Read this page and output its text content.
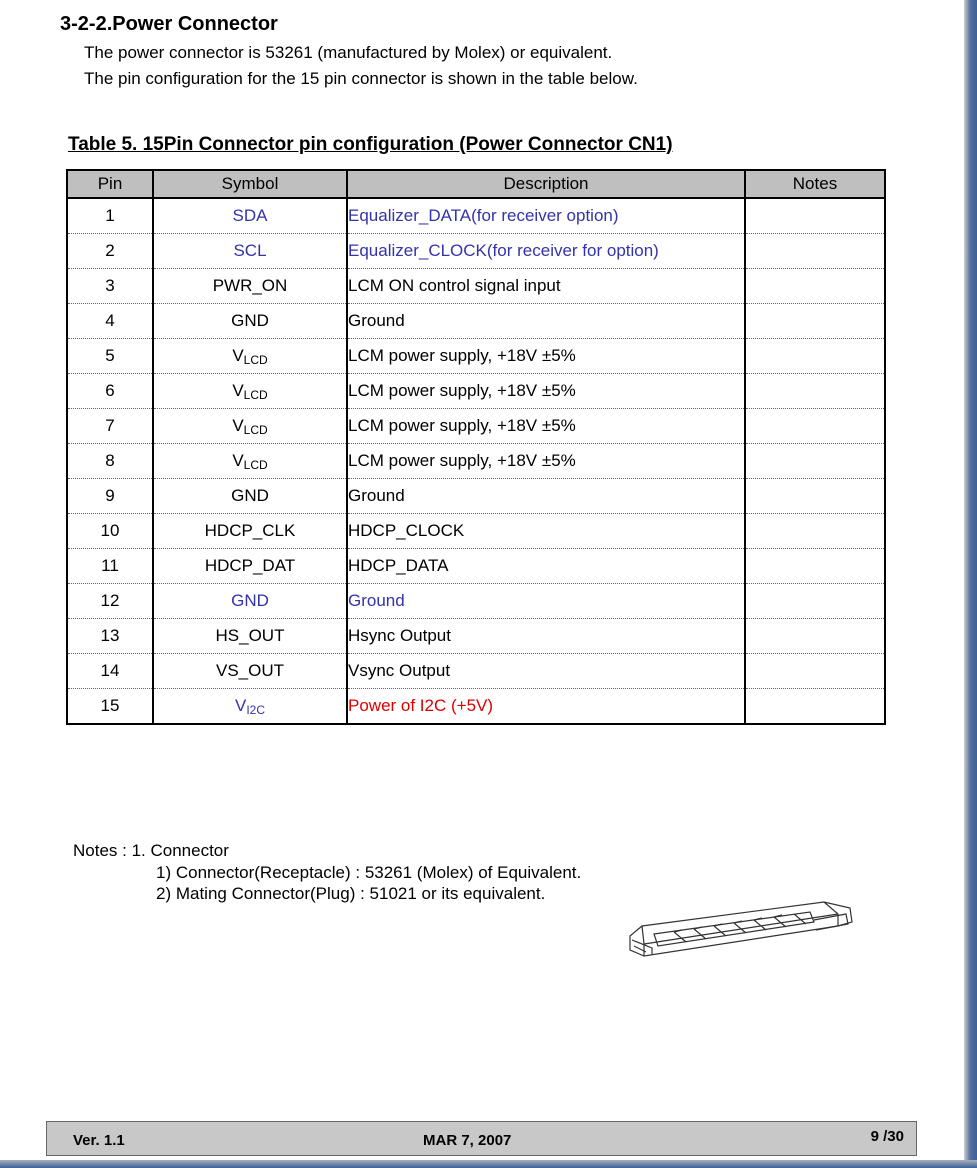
3-2-2.Power Connector

The power connector is 53261 (manufactured by Molex) or equivalent.

The pin configuration for the 15 pin connector is shown in the table below.

Table 5. 15Pin Connector pin configuration (Power Connector CN1)
Pin	Symbol	Description	Notes
1	SDA	Equalizer_DATA(for receiver option)	
2	SCL	Equalizer_CLOCK(for receiver for option)	
3	PWR_ON	LCM ON control signal input	
4	GND	Ground	
5	$V_{LCD}$	LCM power supply, +18V ±5%	
6	$V_{LCD}$	LCM power supply, +18V ±5%	
7	$V_{LCD}$	LCM power supply, +18V ±5%	
8	$V_{LCD}$	LCM power supply, +18V ±5%	
9	GND	Ground	
10	HDCP_CLK	HDCP_CLOCK	
11	HDCP_DAT	HDCP_DATA	
12	GND	Ground	
13	HS_OUT	Hsync Output	
14	VS_OUT	Vsync Output	
15	$V_{I2C}$	Power of I2C (+5V)	

Notes : 1. Connector

1) Connector(Receptacle) : 53261 (Molex) of Equivalent.

2) Mating Connector(Plug) : 51021 or its equivalent.

Ver. 1.1	MAR 7, 2007	9 /30
